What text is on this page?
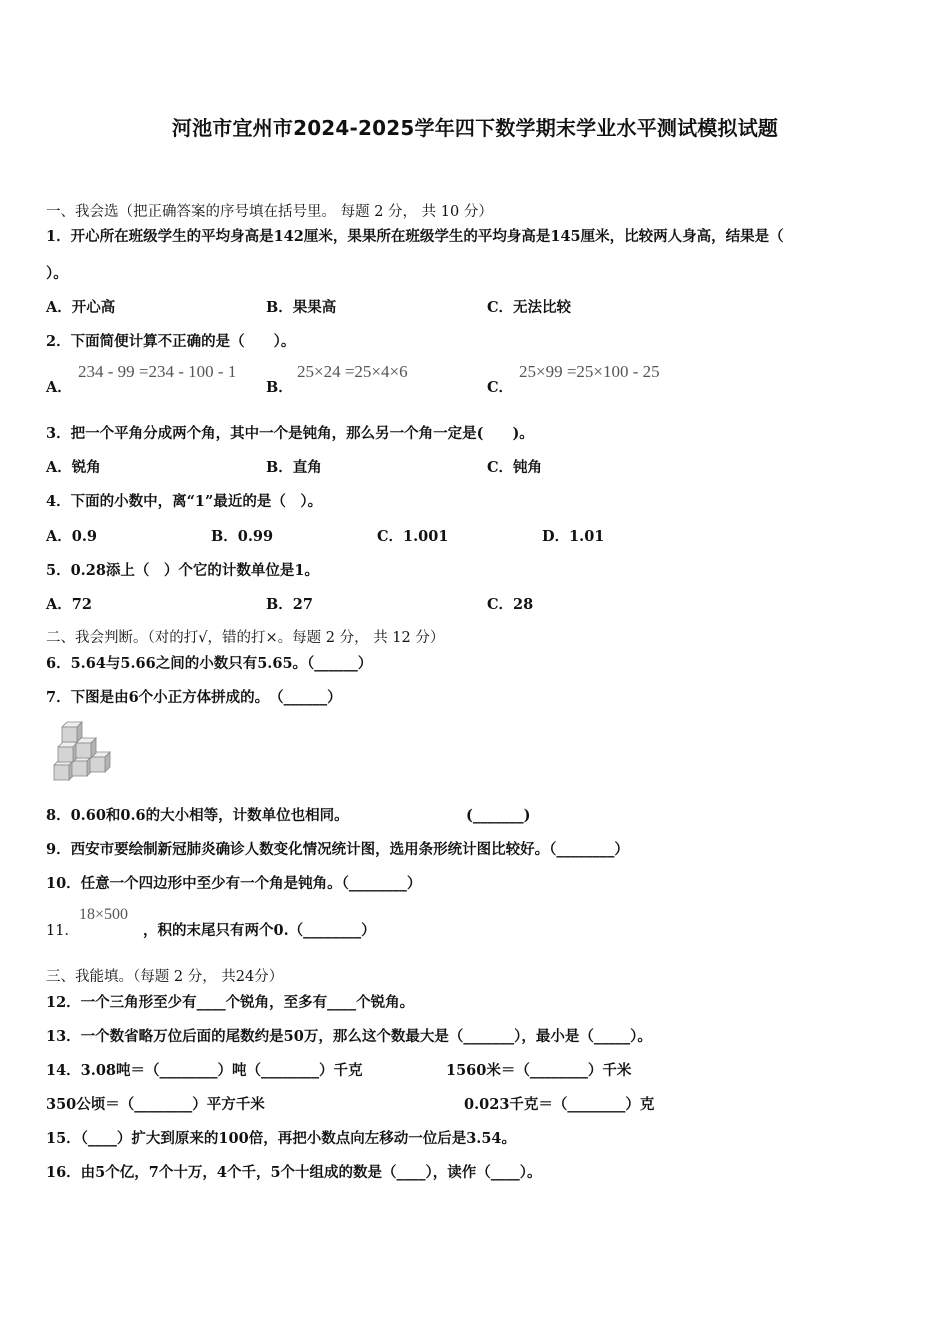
河池市宜州市2024-2025学年四下数学期末学业水平测试模拟试题
一、我会选（把正确答案的序号填在括号里。 每题 2 分， 共 10 分）
1．开心所在班级学生的平均身高是142厘米，果果所在班级学生的平均身高是145厘米，比较两人身高，结果是（
）。
A．开心高	B．果果高	C．无法比较
2．下面简便计算不正确的是（　　）。
A．
234 - 99 =234 - 100 - 1
B．
25×24 =25×4×6
C．
25×99 =25×100 - 25
3．把一个平角分成两个角，其中一个是钝角，那么另一个角一定是(　　)。
A．锐角	B．直角	C．钝角
4．下面的小数中，离“1”最近的是（　）。
A．0.9	B．0.99	C．1.001	D．1.01
5．0.28添上（　）个它的计数单位是1。
A．72	B．27	C．28
二、我会判断。（对的打√，错的打×。每题 2 分， 共 12 分）
6．5.64与5.66之间的小数只有5.65。（______）
7．下图是由6个小正方体拼成的。　（______）
8．0.60和0.6的大小相等，计数单位也相同。	(_______)
9．西安市要绘制新冠肺炎确诊人数变化情况统计图，选用条形统计图比较好。（________）
10．任意一个四边形中至少有一个角是钝角。（________）
11．
18×500
，积的末尾只有两个0.（________）
三、我能填。（每题 2 分， 共24分）
12．一个三角形至少有____个锐角，至多有____个锐角。
13．一个数省略万位后面的尾数约是50万，那么这个数最大是（_______），最小是（_____）。
14．3.08吨＝（________）吨（________）千克	1560米＝（________）千米
350公顷＝（________）平方千米	0.023千克＝（________）克
15．（____）扩大到原来的100倍，再把小数点向左移动一位后是3.54。
16．由5个亿，7个十万，4个千，5个十组成的数是（____），读作（____）。
